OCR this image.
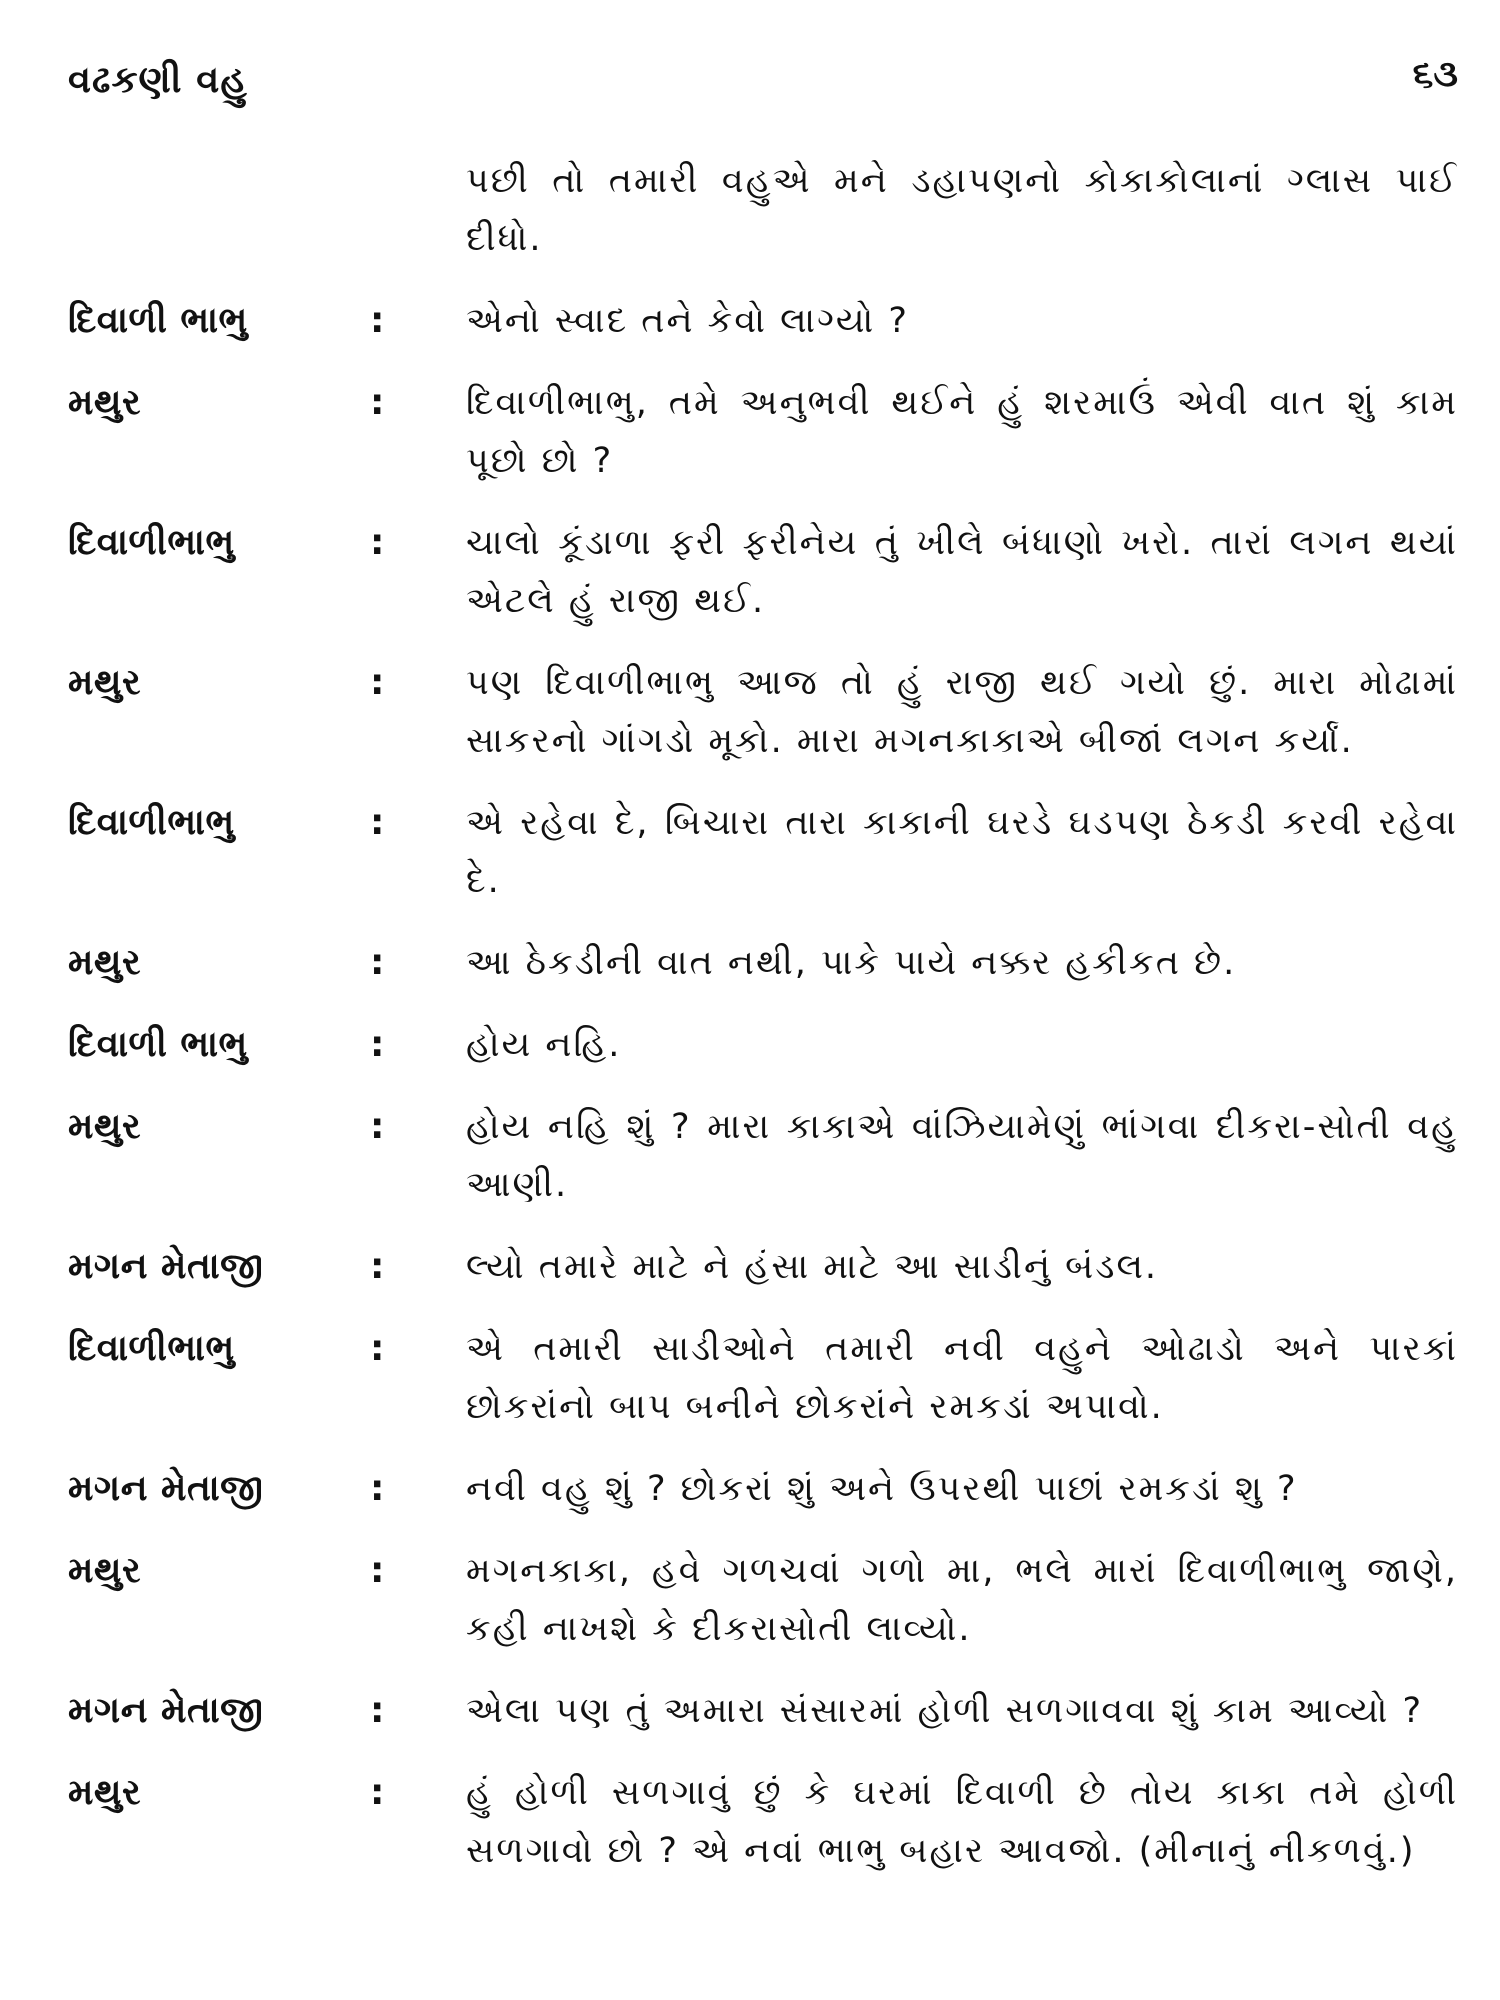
વઢકણી વહુ	૬૩
પછી તો તમારી વહુએ મને ડહાપણનો કોકાકોલાનાં ગ્લાસ પાઈ દીધો.
દિવાળી ભાભુ	:	એનો સ્વાદ તને કેવો લાગ્યો ?
મથુર	:	દિવાળીભાભુ, તમે અનુભવી થઈને હું શરમાઉં એવી વાત શું કામ પૂછો છો ?
દિવાળીભાભુ	:	ચાલો કૂંડાળા ફરી ફરીનેય તું ખીલે બંધાણો ખરો. તારાં લગન થયાં એટલે હું રાજી થઈ.
મથુર	:	પણ દિવાળીભાભુ આજ તો હું રાજી થઈ ગયો છું. મારા મોઢામાં સાકરનો ગાંગડો મૂકો. મારા મગનકાકાએ બીજાં લગન કર્યાં.
દિવાળીભાભુ	:	એ રહેવા દે, બિચારા તારા કાકાની ઘરડે ઘડપણ ઠેકડી કરવી રહેવા દે.
મથુર	:	આ ઠેકડીની વાત નથી, પાકે પાયે નક્કર હકીકત છે.
દિવાળી ભાભુ	:	હોય નહિ.
મથુર	:	હોય નહિ શું ? મારા કાકાએ વાંઝિયામેણું ભાંગવા દીકરા-સોતી વહુ આણી.
મગન મેતાજી	:	લ્યો તમારે માટે ને હંસા માટે આ સાડીનું બંડલ.
દિવાળીભાભુ	:	એ તમારી સાડીઓને તમારી નવી વહુને ઓઢાડો અને પારકાં છોકરાંનો બાપ બનીને છોકરાંને રમકડાં અપાવો.
મગન મેતાજી	:	નવી વહુ શું ? છોકરાં શું અને ઉપરથી પાછાં રમકડાં શુ ?
મથુર	:	મગનકાકા, હવે ગળચવાં ગળો મા, ભલે મારાં દિવાળીભાભુ જાણે, કહી નાખશે કે દીકરાસોતી લાવ્યો.
મગન મેતાજી	:	એલા પણ તું અમારા સંસારમાં હોળી સળગાવવા શું કામ આવ્યો ?
મથુર	:	હું હોળી સળગાવું છું કે ઘરમાં દિવાળી છે તોય કાકા તમે હોળી સળગાવો છો ? એ નવાં ભાભુ બહાર આવજો. (મીનાનું નીકળવું.)
